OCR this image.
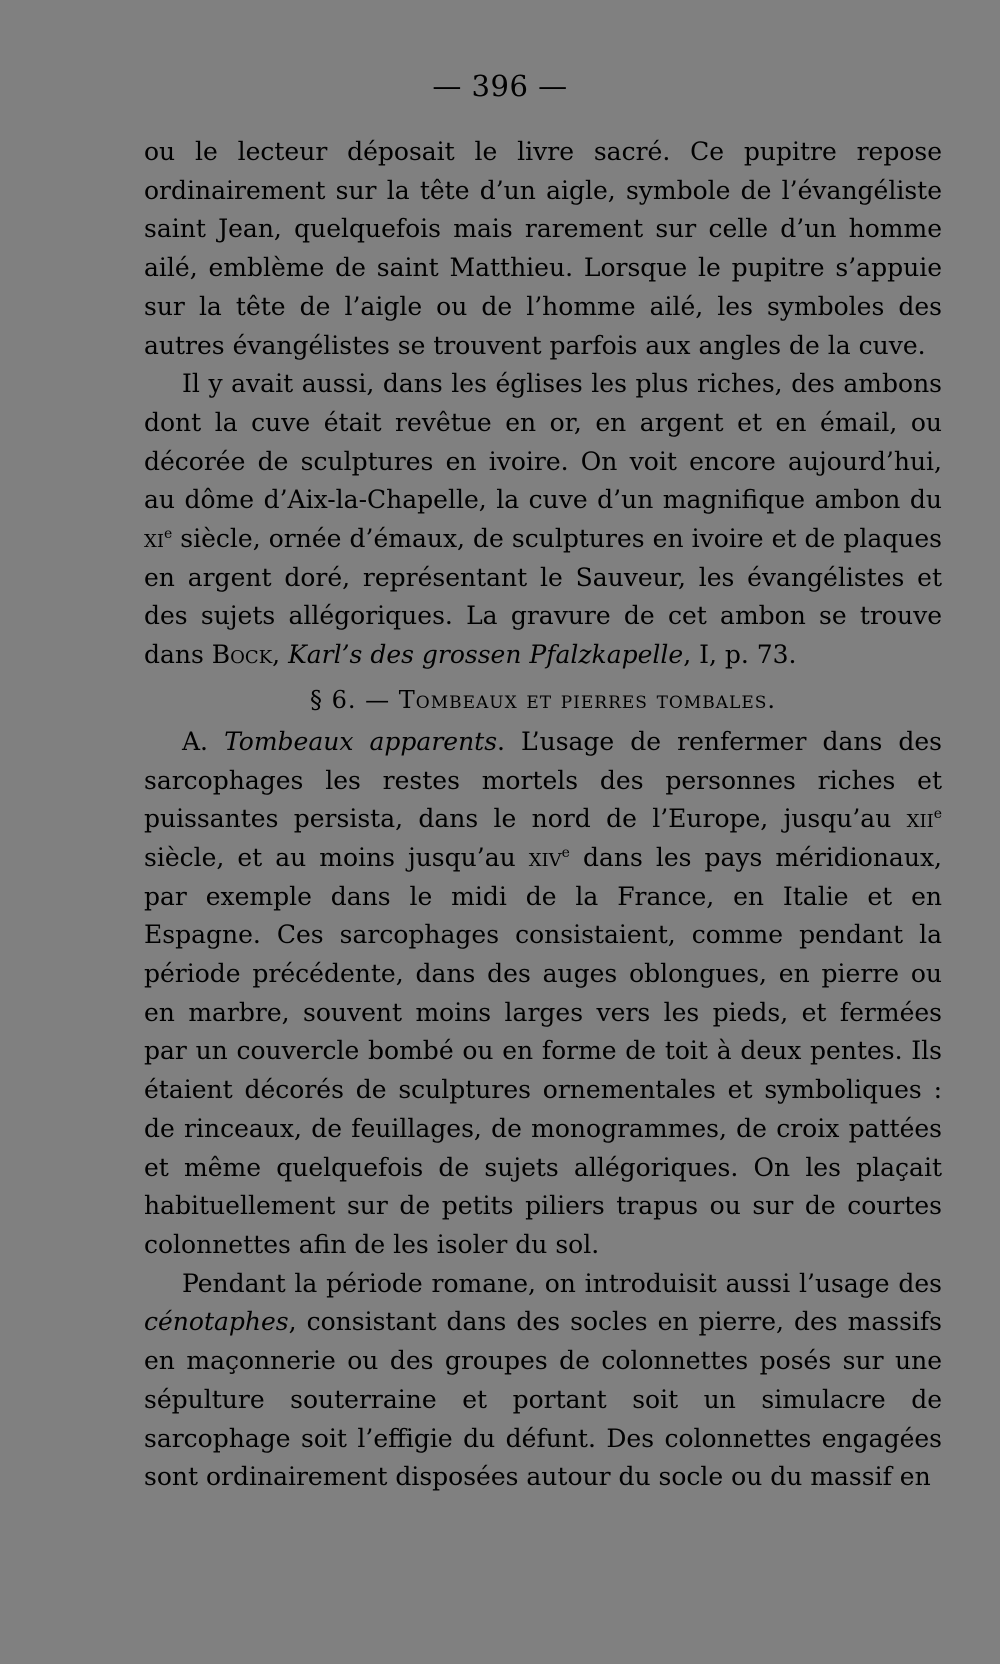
— 396 —

ou le lecteur déposait le livre sacré. Ce pupitre repose ordinairement sur la tête d’un aigle, symbole de l’évangéliste saint Jean, quelquefois mais rarement sur celle d’un homme ailé, emblème de saint Matthieu. Lorsque le pupitre s’appuie sur la tête de l’aigle ou de l’homme ailé, les symboles des autres évangélistes se trouvent parfois aux angles de la cuve.

Il y avait aussi, dans les églises les plus riches, des ambons dont la cuve était revêtue en or, en argent et en émail, ou décorée de sculptures en ivoire. On voit encore aujourd’hui, au dôme d’Aix-la-Chapelle, la cuve d’un magnifique ambon du $xi^e$ siècle, ornée d’émaux, de sculptures en ivoire et de plaques en argent doré, représentant le Sauveur, les évangélistes et des sujets allégoriques. La gravure de cet ambon se trouve dans Bock, Karl’s des grossen Pfalzkapelle, I, p. 73.

§ 6. — Tombeaux et pierres tombales.

A. Tombeaux apparents. L’usage de renfermer dans des sarcophages les restes mortels des personnes riches et puissantes persista, dans le nord de l’Europe, jusqu’au xii$^e$ siècle, et au moins jusqu’au xiv$^e$ dans les pays méridionaux, par exemple dans le midi de la France, en Italie et en Espagne. Ces sarcophages consistaient, comme pendant la période précédente, dans des auges oblongues, en pierre ou en marbre, souvent moins larges vers les pieds, et fermées par un couvercle bombé ou en forme de toit à deux pentes. Ils étaient décorés de sculptures ornementales et symboliques : de rinceaux, de feuillages, de monogrammes, de croix pattées et même quelquefois de sujets allégoriques. On les plaçait habituellement sur de petits piliers trapus ou sur de courtes colonnettes afin de les isoler du sol.

Pendant la période romane, on introduisit aussi l’usage des cénotaphes, consistant dans des socles en pierre, des massifs en maçonnerie ou des groupes de colonnettes posés sur une sépulture souterraine et portant soit un simulacre de sarcophage soit l’effigie du défunt. Des colonnettes engagées sont ordinairement disposées autour du socle ou du massif en
